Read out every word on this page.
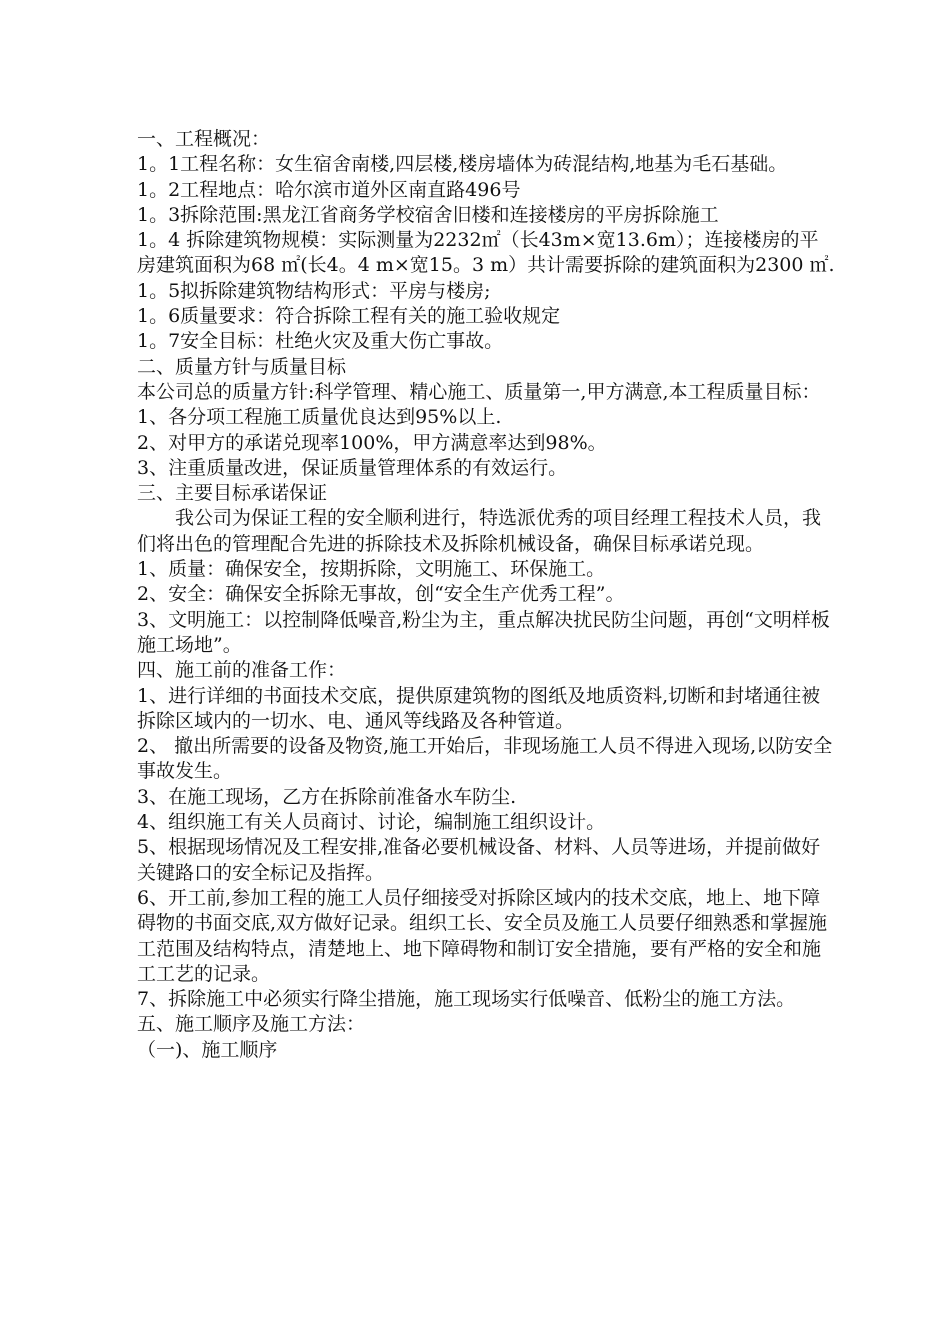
一、工程概况：

1。1工程名称：女生宿舍南楼,四层楼,楼房墙体为砖混结构,地基为毛石基础。

1。2工程地点：哈尔滨市道外区南直路496号

1。3拆除范围:黑龙江省商务学校宿舍旧楼和连接楼房的平房拆除施工

1。4 拆除建筑物规模：实际测量为2232㎡（长43m×宽13.6m）；连接楼房的平房建筑面积为68 ㎡(长4。4 m×宽15。3 m）共计需要拆除的建筑面积为2300 ㎡.

1。5拟拆除建筑物结构形式：平房与楼房;

1。6质量要求：符合拆除工程有关的施工验收规定

1。7安全目标：杜绝火灾及重大伤亡事故。

二、质量方针与质量目标

本公司总的质量方针:科学管理、精心施工、质量第一,甲方满意,本工程质量目标：

1、各分项工程施工质量优良达到95%以上.

2、对甲方的承诺兑现率100%，甲方满意率达到98%。

3、注重质量改进，保证质量管理体系的有效运行。

三、主要目标承诺保证

我公司为保证工程的安全顺利进行，特选派优秀的项目经理工程技术人员，我们将出色的管理配合先进的拆除技术及拆除机械设备，确保目标承诺兑现。

1、质量：确保安全，按期拆除，文明施工、环保施工。

2、安全：确保安全拆除无事故，创“安全生产优秀工程”。

3、文明施工：以控制降低噪音,粉尘为主，重点解决扰民防尘问题，再创“文明样板施工场地”。

四、施工前的准备工作：

1、进行详细的书面技术交底，提供原建筑物的图纸及地质资料,切断和封堵通往被拆除区域内的一切水、电、通风等线路及各种管道。

2、 撤出所需要的设备及物资,施工开始后，非现场施工人员不得进入现场,以防安全事故发生。

3、在施工现场，乙方在拆除前准备水车防尘.

4、组织施工有关人员商讨、讨论，编制施工组织设计。

5、根据现场情况及工程安排,准备必要机械设备、材料、人员等进场，并提前做好关键路口的安全标记及指挥。

6、开工前,参加工程的施工人员仔细接受对拆除区域内的技术交底，地上、地下障碍物的书面交底,双方做好记录。组织工长、安全员及施工人员要仔细熟悉和掌握施工范围及结构特点，清楚地上、地下障碍物和制订安全措施，要有严格的安全和施工工艺的记录。

7、拆除施工中必须实行降尘措施，施工现场实行低噪音、低粉尘的施工方法。

五、施工顺序及施工方法：

（一)、施工顺序
